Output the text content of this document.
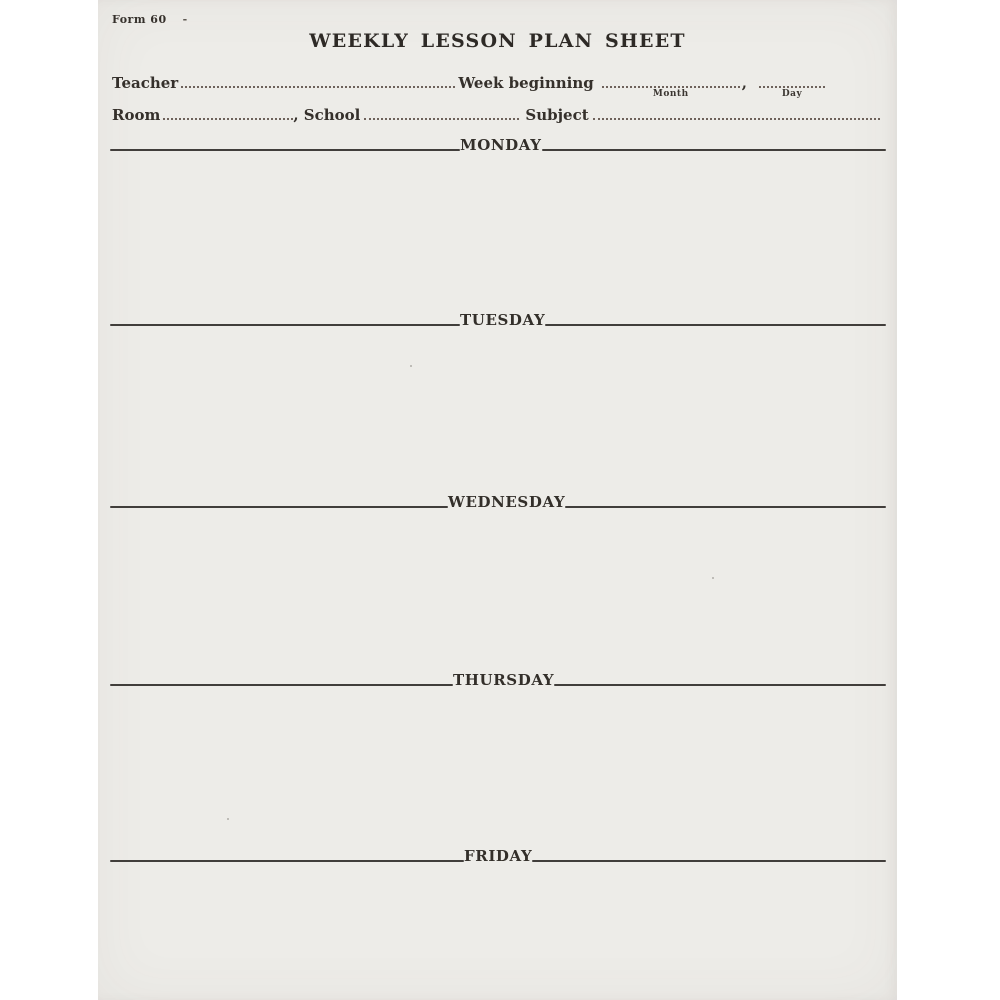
Form 60 -
WEEKLY LESSON PLAN SHEET
Teacher	Week beginning
Month
,
Day
Room	, School	Subject
MONDAY
TUESDAY
WEDNESDAY
THURSDAY
FRIDAY
